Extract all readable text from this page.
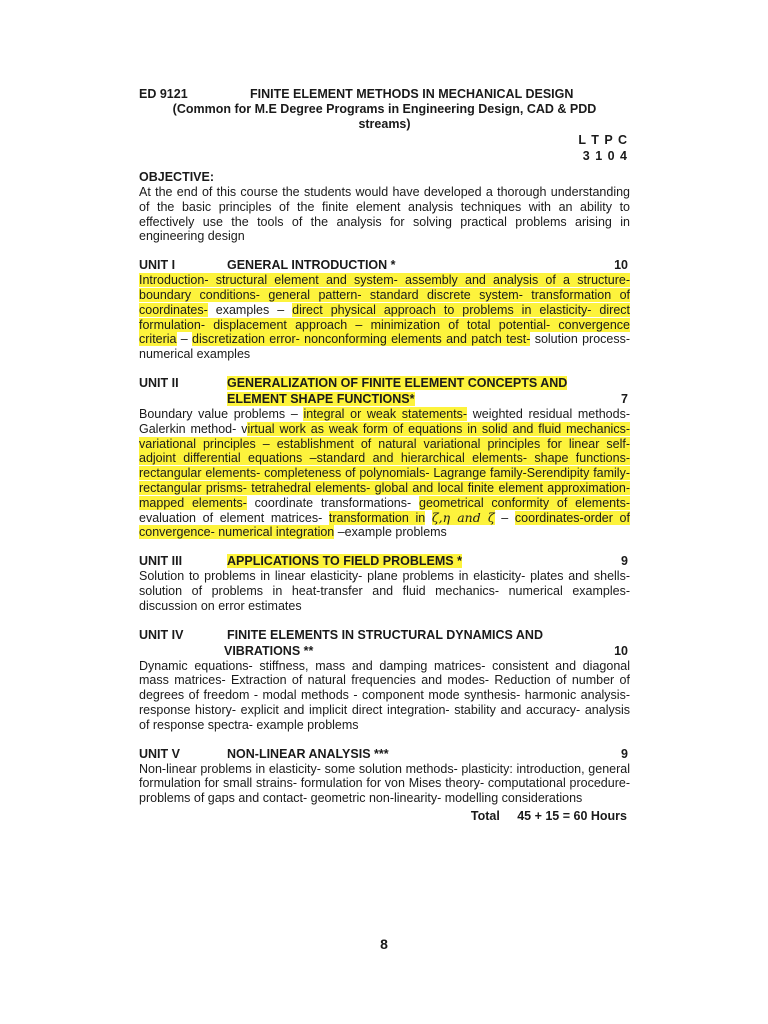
ED 9121	FINITE ELEMENT METHODS IN MECHANICAL DESIGN
(Common for M.E Degree Programs in Engineering Design, CAD & PDD
streams)
L T P C
3 1 0 4
OBJECTIVE:
At the end of this course the students would have developed a thorough understanding of the basic principles of the finite element analysis techniques with an ability to effectively use the tools of the analysis for solving practical problems arising in engineering design
UNIT I	GENERAL INTRODUCTION *	10
Introduction- structural element and system- assembly and analysis of a structure-boundary conditions- general pattern- standard discrete system- transformation of coordinates- examples – direct physical approach to problems in elasticity- direct formulation- displacement approach – minimization of total potential- convergence criteria – discretization error- nonconforming elements and patch test- solution process- numerical examples
UNIT II	GENERALIZATION OF FINITE ELEMENT CONCEPTS AND
ELEMENT SHAPE FUNCTIONS*	7
Boundary value problems – integral or weak statements- weighted residual methods-Galerkin method- virtual work as weak form of equations in solid and fluid mechanics- variational principles – establishment of natural variational principles for linear self-adjoint differential equations –standard and hierarchical elements- shape functions- rectangular elements- completeness of polynomials- Lagrange family-Serendipity family- rectangular prisms- tetrahedral elements- global and local finite element approximation- mapped elements- coordinate transformations- geometrical conformity of elements- evaluation of element matrices- transformation in ζ,η and ζ – coordinates-order of convergence- numerical integration –example problems
UNIT III	APPLICATIONS TO FIELD PROBLEMS *	9
Solution to problems in linear elasticity- plane problems in elasticity- plates and shells- solution of problems in heat-transfer and fluid mechanics- numerical examples- discussion on error estimates
UNIT IV	FINITE ELEMENTS IN STRUCTURAL DYNAMICS AND
VIBRATIONS **	10
Dynamic equations- stiffness, mass and damping matrices- consistent and diagonal mass matrices- Extraction of natural frequencies and modes- Reduction of number of degrees of freedom - modal methods - component mode synthesis- harmonic analysis- response history- explicit and implicit direct integration- stability and accuracy- analysis of response spectra- example problems
UNIT V	NON-LINEAR ANALYSIS ***	9
Non-linear problems in elasticity- some solution methods- plasticity: introduction, general formulation for small strains- formulation for von Mises theory- computational procedure- problems of gaps and contact- geometric non-linearity- modelling considerations
Total 45 + 15 = 60 Hours
8
